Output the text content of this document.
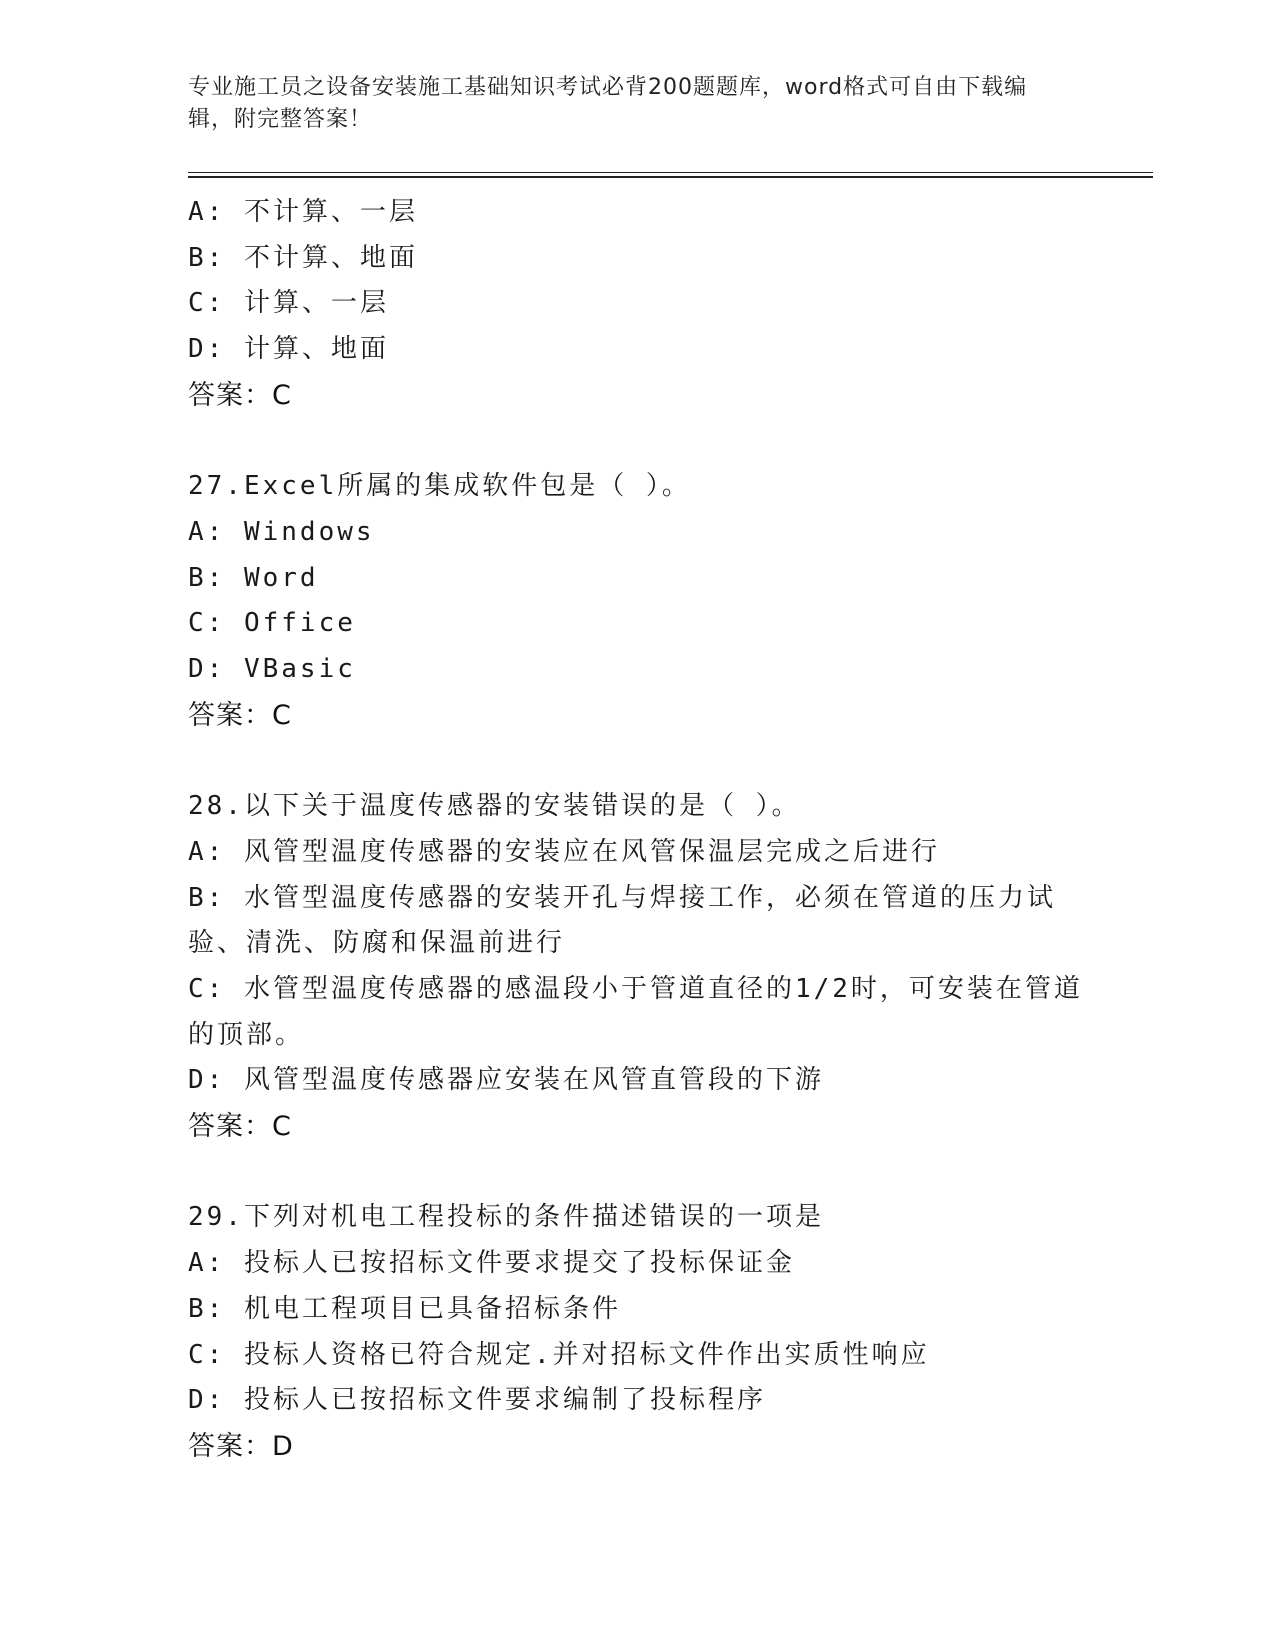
专业施工员之设备安装施工基础知识考试必背200题题库，word格式可自由下载编辑，附完整答案！
A: 不计算、一层
B: 不计算、地面
C: 计算、一层
D: 计算、地面
答案：C
27.Excel所属的集成软件包是（ ）。
A: Windows
B: Word
C: Office
D: VBasic
答案：C
28.以下关于温度传感器的安装错误的是（ ）。
A: 风管型温度传感器的安装应在风管保温层完成之后进行
B: 水管型温度传感器的安装开孔与焊接工作，必须在管道的压力试验、清洗、防腐和保温前进行
C: 水管型温度传感器的感温段小于管道直径的1/2时，可安装在管道的顶部。
D: 风管型温度传感器应安装在风管直管段的下游
答案：C
29.下列对机电工程投标的条件描述错误的一项是
A: 投标人已按招标文件要求提交了投标保证金
B: 机电工程项目已具备招标条件
C: 投标人资格已符合规定.并对招标文件作出实质性响应
D: 投标人已按招标文件要求编制了投标程序
答案：D
